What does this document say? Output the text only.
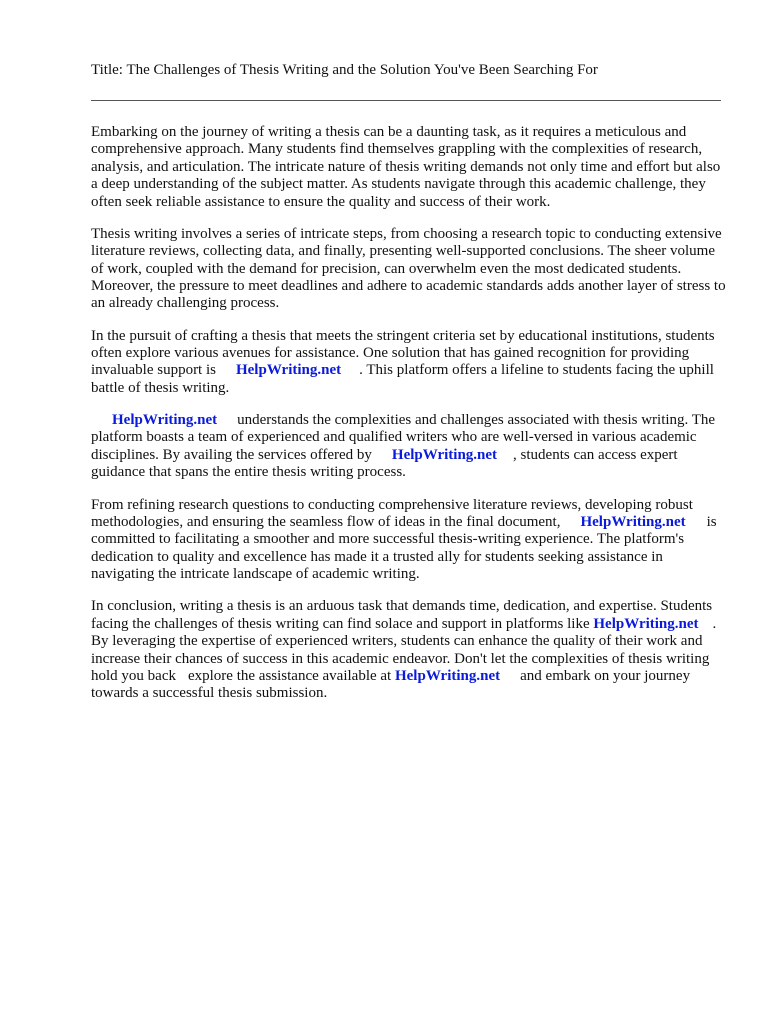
Title: The Challenges of Thesis Writing and the Solution You've Been Searching For

Embarking on the journey of writing a thesis can be a daunting task, as it requires a meticulous and comprehensive approach. Many students find themselves grappling with the complexities of research, analysis, and articulation. The intricate nature of thesis writing demands not only time and effort but also a deep understanding of the subject matter. As students navigate through this academic challenge, they often seek reliable assistance to ensure the quality and success of their work.

Thesis writing involves a series of intricate steps, from choosing a research topic to conducting extensive literature reviews, collecting data, and finally, presenting well-supported conclusions. The sheer volume of work, coupled with the demand for precision, can overwhelm even the most dedicated students. Moreover, the pressure to meet deadlines and adhere to academic standards adds another layer of stress to an already challenging process.

In the pursuit of crafting a thesis that meets the stringent criteria set by educational institutions, students often explore various avenues for assistance. One solution that has gained recognition for providing invaluable support is HelpWriting.net . This platform offers a lifeline to students facing the uphill battle of thesis writing.

HelpWriting.net understands the complexities and challenges associated with thesis writing. The platform boasts a team of experienced and qualified writers who are well-versed in various academic disciplines. By availing the services offered by HelpWriting.net , students can access expert guidance that spans the entire thesis writing process.

From refining research questions to conducting comprehensive literature reviews, developing robust methodologies, and ensuring the seamless flow of ideas in the final document, HelpWriting.net is committed to facilitating a smoother and more successful thesis-writing experience. The platform's dedication to quality and excellence has made it a trusted ally for students seeking assistance in navigating the intricate landscape of academic writing.

In conclusion, writing a thesis is an arduous task that demands time, dedication, and expertise. Students facing the challenges of thesis writing can find solace and support in platforms like HelpWriting.net . By leveraging the expertise of experienced writers, students can enhance the quality of their work and increase their chances of success in this academic endeavor. Don't let the complexities of thesis writing hold you back explore the assistance available at HelpWriting.net and embark on your journey towards a successful thesis submission.
